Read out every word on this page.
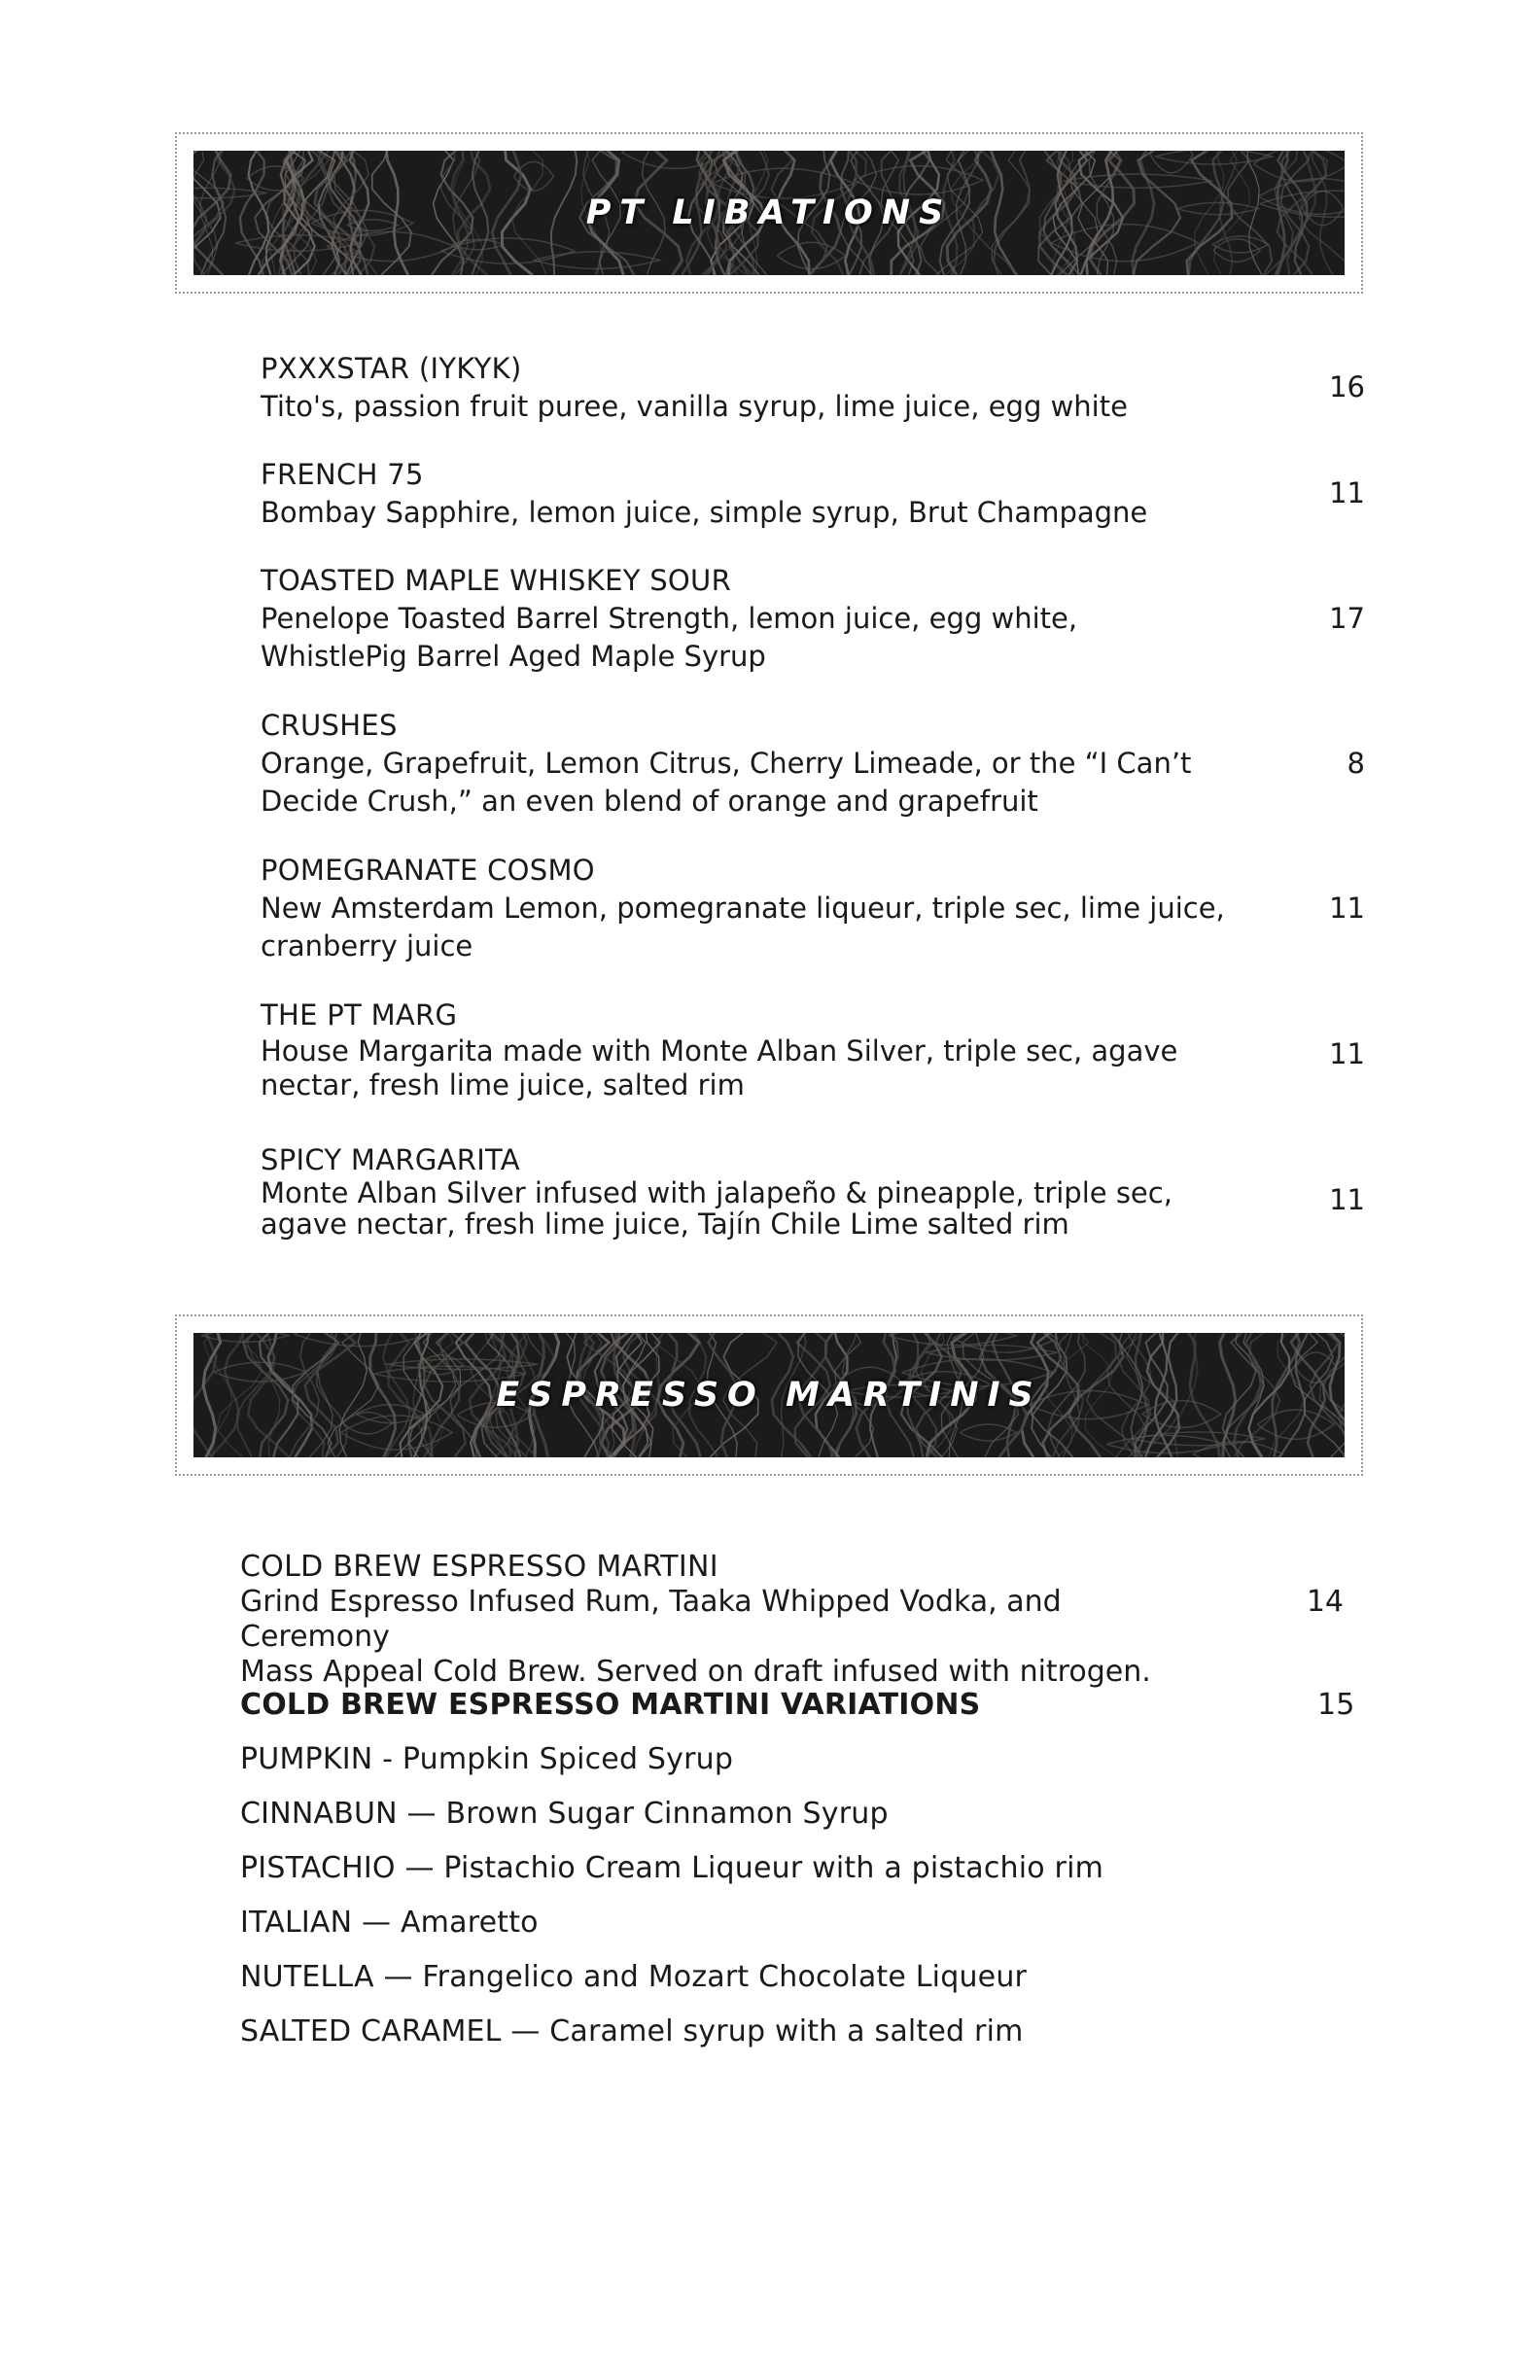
PT LIBATIONS
PXXXSTAR (IYKYK)
Tito's, passion fruit puree, vanilla syrup, lime juice, egg white
16
FRENCH 75
Bombay Sapphire, lemon juice, simple syrup, Brut Champagne
11
TOASTED MAPLE WHISKEY SOUR
Penelope Toasted Barrel Strength, lemon juice, egg white,
WhistlePig Barrel Aged Maple Syrup
17
CRUSHES
Orange, Grapefruit, Lemon Citrus, Cherry Limeade, or the “I Can’t
Decide Crush,” an even blend of orange and grapefruit
8
POMEGRANATE COSMO
New Amsterdam Lemon, pomegranate liqueur, triple sec, lime juice,
cranberry juice
11
THE PT MARG
House Margarita made with Monte Alban Silver, triple sec, agave
nectar, fresh lime juice, salted rim
11
SPICY MARGARITA
Monte Alban Silver infused with jalapeño & pineapple, triple sec,
agave nectar, fresh lime juice, Tajín Chile Lime salted rim
11
ESPRESSO MARTINIS
COLD BREW ESPRESSO MARTINI
Grind Espresso Infused Rum, Taaka Whipped Vodka, and Ceremony
Mass Appeal Cold Brew. Served on draft infused with nitrogen.
14
COLD BREW ESPRESSO MARTINI VARIATIONS	15
PUMPKIN - Pumpkin Spiced Syrup
CINNABUN — Brown Sugar Cinnamon Syrup
PISTACHIO — Pistachio Cream Liqueur with a pistachio rim
ITALIAN — Amaretto
NUTELLA — Frangelico and Mozart Chocolate Liqueur
SALTED CARAMEL — Caramel syrup with a salted rim
